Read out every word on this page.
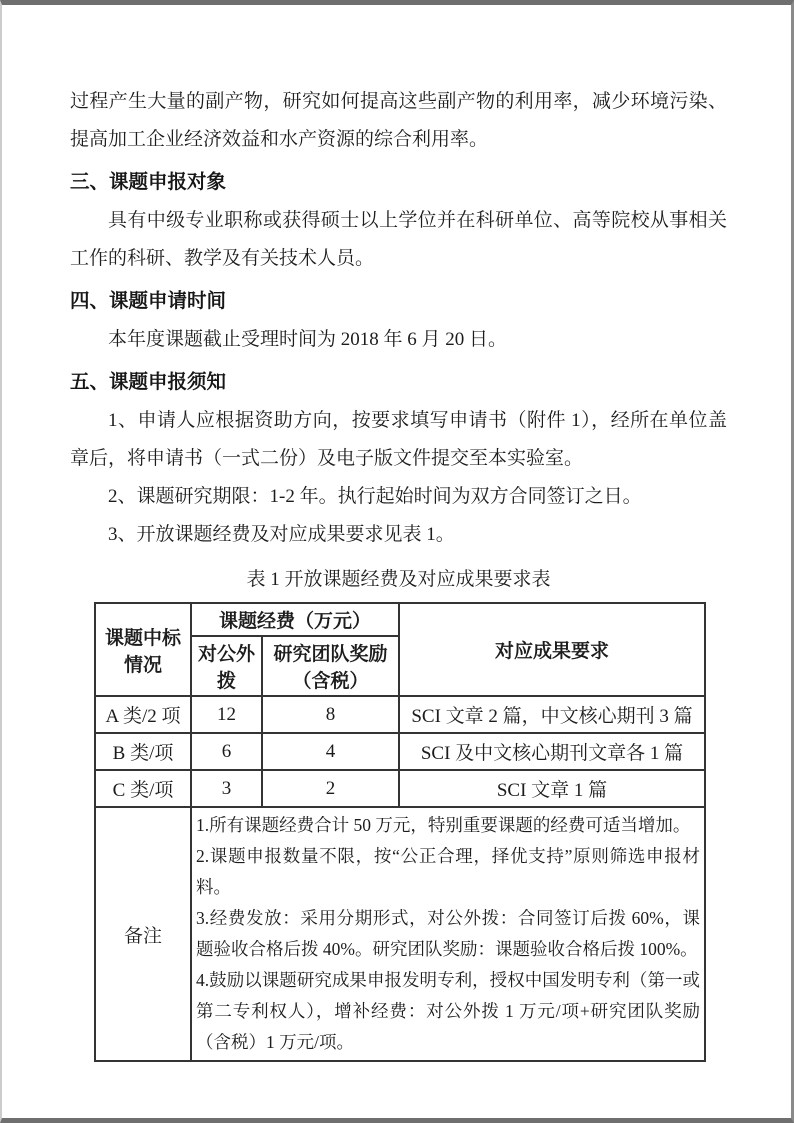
过程产生大量的副产物，研究如何提高这些副产物的利用率，减少环境污染、提高加工企业经济效益和水产资源的综合利用率。

三、课题申报对象

具有中级专业职称或获得硕士以上学位并在科研单位、高等院校从事相关工作的科研、教学及有关技术人员。

四、课题申请时间

本年度课题截止受理时间为 2018 年 6 月 20 日。

五、课题申报须知

1、申请人应根据资助方向，按要求填写申请书（附件 1），经所在单位盖章后，将申请书（一式二份）及电子版文件提交至本实验室。

2、课题研究期限：1-2 年。执行起始时间为双方合同签订之日。

3、开放课题经费及对应成果要求见表 1。

表 1 开放课题经费及对应成果要求表

课题中标情况	课题经费（万元）		对应成果要求
	对公外拨	研究团队奖励（含税）	
A 类/2 项	12	8	SCI 文章 2 篇，中文核心期刊 3 篇
B 类/项	6	4	SCI 及中文核心期刊文章各 1 篇
C 类/项	3	2	SCI 文章 1 篇
备注	1.所有课题经费合计 50 万元，特别重要课题的经费可适当增加。
2.课题申报数量不限，按“公正合理，择优支持”原则筛选申报材料。
3.经费发放：采用分期形式，对公外拨：合同签订后拨 60%，课题验收合格后拨 40%。研究团队奖励：课题验收合格后拨 100%。
4.鼓励以课题研究成果申报发明专利，授权中国发明专利（第一或第二专利权人），增补经费：对公外拨 1 万元/项+研究团队奖励（含税）1 万元/项。		
